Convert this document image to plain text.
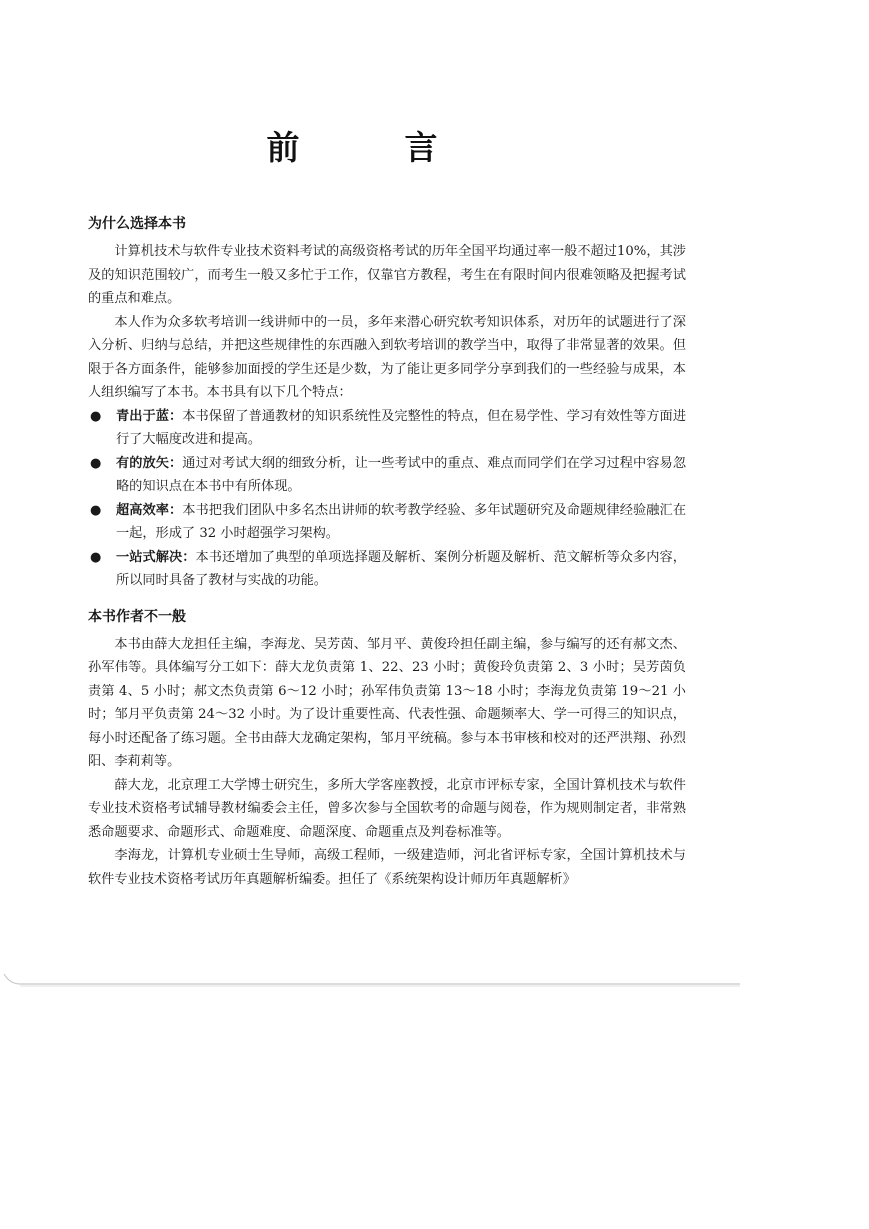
前　言
为什么选择本书

计算机技术与软件专业技术资料考试的高级资格考试的历年全国平均通过率一般不超过10%，其涉及的知识范围较广，而考生一般又多忙于工作，仅靠官方教程，考生在有限时间内很难领略及把握考试的重点和难点。

本人作为众多软考培训一线讲师中的一员，多年来潜心研究软考知识体系，对历年的试题进行了深入分析、归纳与总结，并把这些规律性的东西融入到软考培训的教学当中，取得了非常显著的效果。但限于各方面条件，能够参加面授的学生还是少数，为了能让更多同学分享到我们的一些经验与成果，本人组织编写了本书。本书具有以下几个特点：

● 青出于蓝：本书保留了普通教材的知识系统性及完整性的特点，但在易学性、学习有效性等方面进行了大幅度改进和提高。
● 有的放矢：通过对考试大纲的细致分析，让一些考试中的重点、难点而同学们在学习过程中容易忽略的知识点在本书中有所体现。
● 超高效率：本书把我们团队中多名杰出讲师的软考教学经验、多年试题研究及命题规律经验融汇在一起，形成了 32 小时超强学习架构。
● 一站式解决：本书还增加了典型的单项选择题及解析、案例分析题及解析、范文解析等众多内容，所以同时具备了教材与实战的功能。
本书作者不一般

本书由薛大龙担任主编，李海龙、吴芳茵、邹月平、黄俊玲担任副主编，参与编写的还有郝文杰、孙军伟等。具体编写分工如下：薛大龙负责第 1、22、23 小时；黄俊玲负责第 2、3 小时；吴芳茵负责第 4、5 小时；郝文杰负责第 6～12 小时；孙军伟负责第 13～18 小时；李海龙负责第 19～21 小时；邹月平负责第 24～32 小时。为了设计重要性高、代表性强、命题频率大、学一可得三的知识点，每小时还配备了练习题。全书由薛大龙确定架构，邹月平统稿。参与本书审核和校对的还严洪翔、孙烈阳、李莉莉等。

薛大龙，北京理工大学博士研究生，多所大学客座教授，北京市评标专家，全国计算机技术与软件专业技术资格考试辅导教材编委会主任，曾多次参与全国软考的命题与阅卷，作为规则制定者，非常熟悉命题要求、命题形式、命题难度、命题深度、命题重点及判卷标准等。

李海龙，计算机专业硕士生导师，高级工程师，一级建造师，河北省评标专家，全国计算机技术与软件专业技术资格考试历年真题解析编委。担任了《系统架构设计师历年真题解析》
